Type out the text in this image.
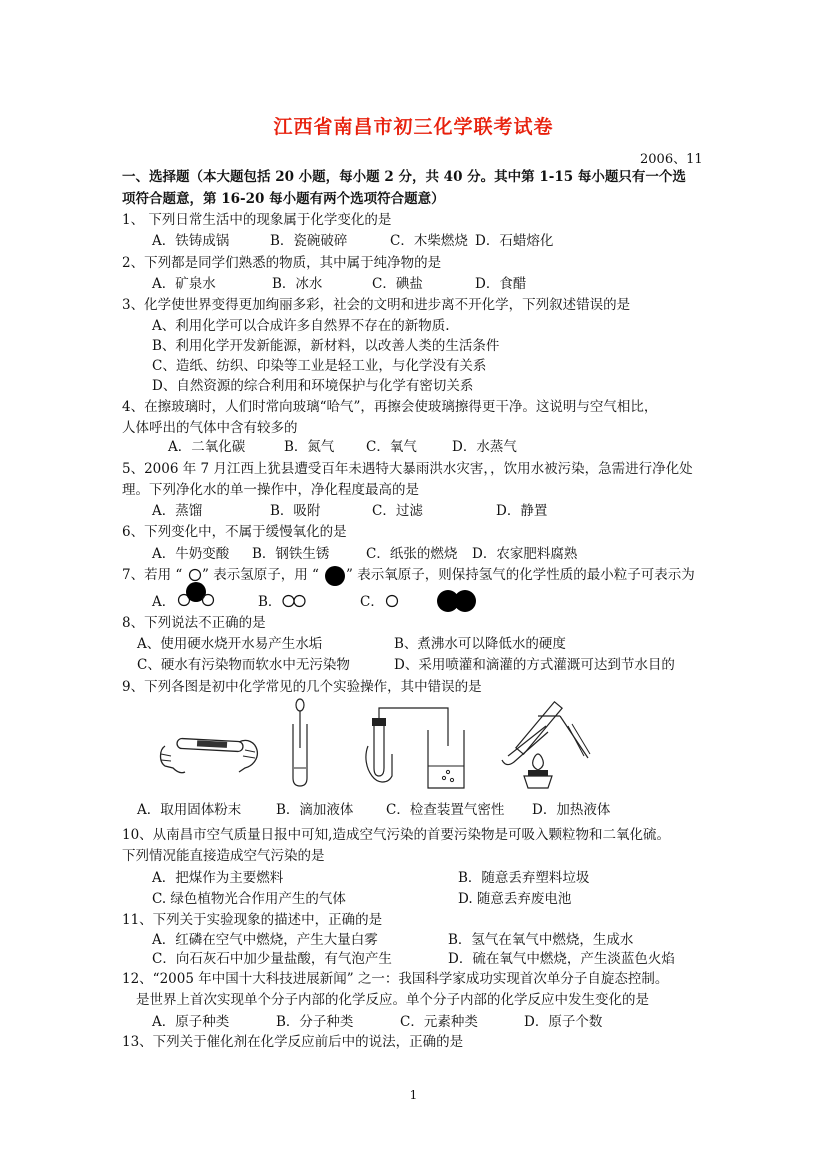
江西省南昌市初三化学联考试卷
2006、11
一、选择题（本大题包括 20 小题，每小题 2 分，共 40 分。其中第 1-15 每小题只有一个选
项符合题意，第 16-20 每小题有两个选项符合题意）
1、 下列日常生活中的现象属于化学变化的是
A．铁铸成锅	B．瓷碗破碎	C．木柴燃烧 D．石蜡熔化
2、下列都是同学们熟悉的物质，其中属于纯净物的是
A．矿泉水	B．冰水	C．碘盐	D．食醋
3、化学使世界变得更加绚丽多彩，社会的文明和进步离不开化学，下列叙述错误的是
A、利用化学可以合成许多自然界不存在的新物质.
B、利用化学开发新能源，新材料，以改善人类的生活条件
C、造纸、纺织、印染等工业是轻工业，与化学没有关系
D、自然资源的综合利用和环境保护与化学有密切关系
4、在擦玻璃时，人们时常向玻璃“哈气”，再擦会使玻璃擦得更干净。这说明与空气相比，
人体呼出的气体中含有较多的
A．二氧化碳	B．氮气 C．氧气	D．水蒸气
5、2006 年 7 月江西上犹县遭受百年未遇特大暴雨洪水灾害，，饮用水被污染，急需进行净化处
理。下列净化水的单一操作中，净化程度最高的是
A．蒸馏	B．吸附	C．过滤	D．静置
6、下列变化中，不属于缓慢氧化的是
A．牛奶变酸 B．钢铁生锈	C．纸张的燃烧 D．农家肥料腐熟
7、若用 “ ” 表示氢原子，用 “ ” 表示氧原子，则保持氢气的化学性质的最小粒子可表示为
A．	B．	C．
8、下列说法不正确的是
A、使用硬水烧开水易产生水垢	B、煮沸水可以降低水的硬度
C、硬水有污染物而软水中无污染物	D、采用喷灌和滴灌的方式灌溉可达到节水目的
9、下列各图是初中化学常见的几个实验操作，其中错误的是
A．取用固体粉末	B．滴加液体 C．检查装置气密性 D．加热液体
10、从南昌市空气质量日报中可知,造成空气污染的首要污染物是可吸入颗粒物和二氧化硫。
下列情况能直接造成空气污染的是
A．把煤作为主要燃料	B．随意丢弃塑料垃圾
C. 绿色植物光合作用产生的气体	D. 随意丢弃废电池
11、下列关于实验现象的描述中，正确的是
A．红磷在空气中燃烧，产生大量白雾	B．氢气在氧气中燃烧，生成水
C．向石灰石中加少量盐酸，有气泡产生	D．硫在氧气中燃烧，产生淡蓝色火焰
12、“2005 年中国十大科技进展新闻” 之一：我国科学家成功实现首次单分子自旋态控制。
是世界上首次实现单个分子内部的化学反应。单个分子内部的化学反应中发生变化的是
A．原子种类	B．分子种类	C．元素种类	D．原子个数
13、下列关于催化剂在化学反应前后中的说法，正确的是
1
